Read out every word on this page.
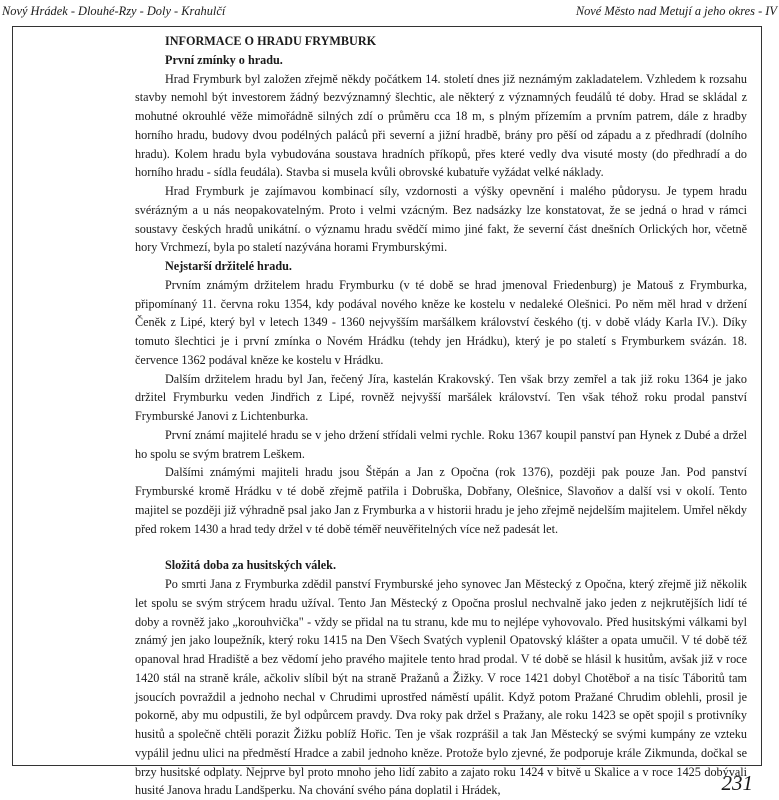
Nový Hrádek - Dlouhé-Rzy - Doly - Krahulčí	Nové Město nad Metují a jeho okres - IV

INFORMACE O HRADU FRYMBURK

První zmínky o hradu.

Hrad Frymburk byl založen zřejmě někdy počátkem 14. století dnes již neznámým zakladatelem. Vzhledem k rozsahu stavby nemohl být investorem žádný bezvýznamný šlechtic, ale některý z významných feudálů té doby. Hrad se skládal z mohutné okrouhlé věže mimořádně silných zdí o průměru cca 18 m, s plným přízemím a prvním patrem, dále z hradby horního hradu, budovy dvou podélných paláců při severní a jižní hradbě, brány pro pěší od západu a z předhradí (dolního hradu). Kolem hradu byla vybudována soustava hradních příkopů, přes které vedly dva visuté mosty (do předhradí a do horního hradu - sídla feudála). Stavba si musela kvůli obrovské kubatuře vyžádat velké náklady.

Hrad Frymburk je zajímavou kombinací síly, vzdornosti a výšky opevnění i malého půdorysu. Je typem hradu svérázným a u nás neopakovatelným. Proto i velmi vzácným. Bez nadsázky lze konstatovat, že se jedná o hrad v rámci soustavy českých hradů unikátní. o významu hradu svědčí mimo jiné fakt, že severní část dnešních Orlických hor, včetně hory Vrchmezí, byla po staletí nazývána horami Frymburskými.

Nejstarší držitelé hradu.

Prvním známým držitelem hradu Frymburku (v té době se hrad jmenoval Friedenburg) je Matouš z Frymburka, připomínaný 11. června roku 1354, kdy podával nového kněze ke kostelu v nedaleké Olešnici. Po něm měl hrad v držení Čeněk z Lipé, který byl v letech 1349 - 1360 nejvyšším maršálkem království českého (tj. v době vlády Karla IV.). Díky tomuto šlechtici je i první zmínka o Novém Hrádku (tehdy jen Hrádku), který je po staletí s Frymburkem svázán. 18. července 1362 podával kněze ke kostelu v Hrádku.

Dalším držitelem hradu byl Jan, řečený Jíra, kastelán Krakovský. Ten však brzy zemřel a tak již roku 1364 je jako držitel Frymburku veden Jindřich z Lipé, rovněž nejvyšší maršálek království. Ten však téhož roku prodal panství Frymburské Janovi z Lichtenburka.

První známí majitelé hradu se v jeho držení střídali velmi rychle. Roku 1367 koupil panství pan Hynek z Dubé a držel ho spolu se svým bratrem Leškem.

Dalšími známými majiteli hradu jsou Štěpán a Jan z Opočna (rok 1376), později pak pouze Jan. Pod panství Frymburské kromě Hrádku v té době zřejmě patřila i Dobruška, Dobřany, Olešnice, Slavoňov a další vsi v okolí. Tento majitel se později již výhradně psal jako Jan z Frymburka a v historii hradu je jeho zřejmě nejdelším majitelem. Umřel někdy před rokem 1430 a hrad tedy držel v té době téměř neuvěřitelných více než padesát let.

Složitá doba za husitských válek.

Po smrti Jana z Frymburka zdědil panství Frymburské jeho synovec Jan Městecký z Opočna, který zřejmě již několik let spolu se svým strýcem hradu užíval. Tento Jan Městecký z Opočna proslul nechvalně jako jeden z nejkrutějších lidí té doby a rovněž jako „korouhvička" - vždy se přidal na tu stranu, kde mu to nejlépe vyhovovalo. Před husitskými válkami byl známý jen jako loupežník, který roku 1415 na Den Všech Svatých vyplenil Opatovský klášter a opata umučil. V té době též opanoval hrad Hradiště a bez vědomí jeho pravého majitele tento hrad prodal. V té době se hlásil k husitům, avšak již v roce 1420 stál na straně krále, ačkoliv slíbil být na straně Pražanů a Žižky. V roce 1421 dobyl Chotěboř a na tisíc Táboritů tam jsoucích povraždil a jednoho nechal v Chrudimi uprostřed náměstí upálit. Když potom Pražané Chrudim oblehli, prosil je pokorně, aby mu odpustili, že byl odpůrcem pravdy. Dva roky pak držel s Pražany, ale roku 1423 se opět spojil s protivníky husitů a společně chtěli porazit Žižku poblíž Hořic. Ten je však rozprášil a tak Jan Městecký se svými kumpány ze vzteku vypálil jednu ulici na předměstí Hradce a zabil jednoho kněze. Protože bylo zjevné, že podporuje krále Zikmunda, dočkal se brzy husitské odplaty. Nejprve byl proto mnoho jeho lidí zabito a zajato roku 1424 v bitvě u Skalice a v roce 1425 dobývali husité Janova hradu Landšperku. Na chování svého pána doplatil i Hrádek,	231
